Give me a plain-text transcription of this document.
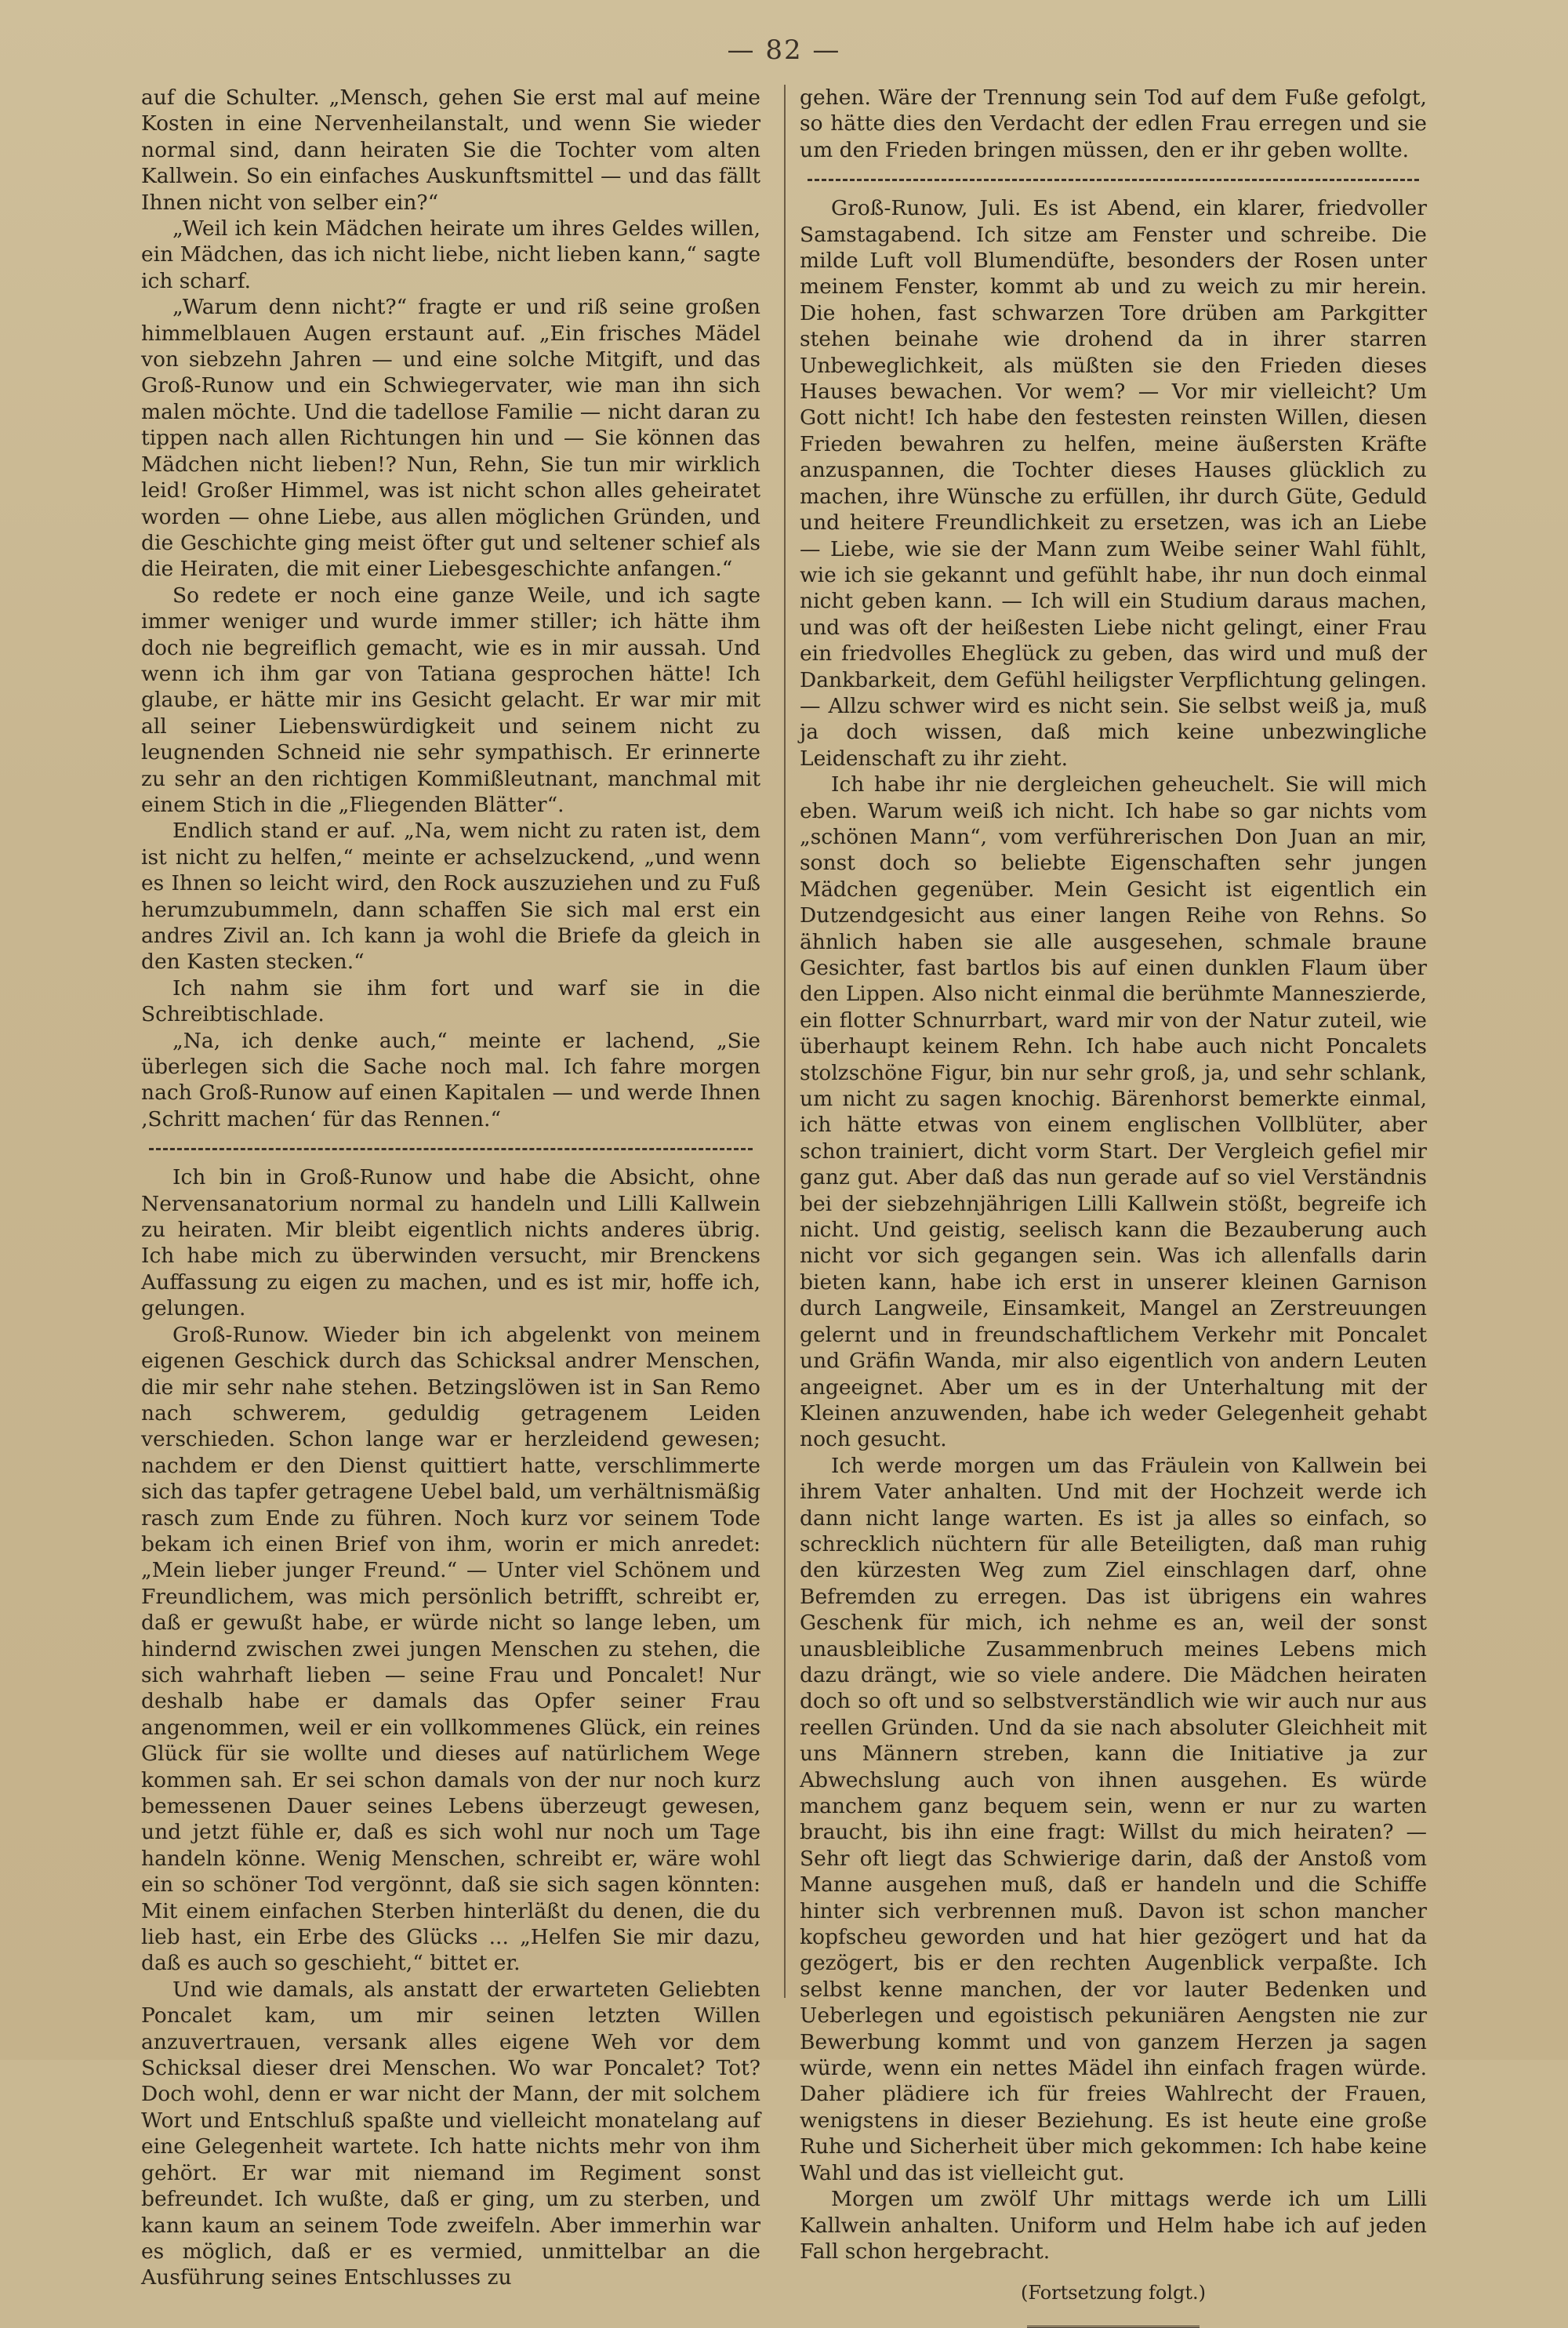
— 82 —

auf die Schulter. „Mensch, gehen Sie erst mal auf meine Kosten in eine Nervenheilanstalt, und wenn Sie wieder normal sind, dann heiraten Sie die Tochter vom alten Kallwein. So ein einfaches Auskunftsmittel — und das fällt Ihnen nicht von selber ein?“

„Weil ich kein Mädchen heirate um ihres Geldes willen, ein Mädchen, das ich nicht liebe, nicht lieben kann,“ sagte ich scharf.

„Warum denn nicht?“ fragte er und riß seine großen himmelblauen Augen erstaunt auf. „Ein frisches Mädel von siebzehn Jahren — und eine solche Mitgift, und das Groß-Runow und ein Schwiegervater, wie man ihn sich malen möchte. Und die tadellose Familie — nicht daran zu tippen nach allen Richtungen hin und — Sie können das Mädchen nicht lieben!? Nun, Rehn, Sie tun mir wirklich leid! Großer Himmel, was ist nicht schon alles geheiratet worden — ohne Liebe, aus allen möglichen Gründen, und die Geschichte ging meist öfter gut und seltener schief als die Heiraten, die mit einer Liebesgeschichte anfangen.“

So redete er noch eine ganze Weile, und ich sagte immer weniger und wurde immer stiller; ich hätte ihm doch nie begreiflich gemacht, wie es in mir aussah. Und wenn ich ihm gar von Tatiana gesprochen hätte! Ich glaube, er hätte mir ins Gesicht gelacht. Er war mir mit all seiner Liebenswürdigkeit und seinem nicht zu leugnenden Schneid nie sehr sympathisch. Er erinnerte zu sehr an den richtigen Kommißleutnant, manchmal mit einem Stich in die „Fliegenden Blätter“.

Endlich stand er auf. „Na, wem nicht zu raten ist, dem ist nicht zu helfen,“ meinte er achselzuckend, „und wenn es Ihnen so leicht wird, den Rock auszuziehen und zu Fuß herumzubummeln, dann schaffen Sie sich mal erst ein andres Zivil an. Ich kann ja wohl die Briefe da gleich in den Kasten stecken.“

Ich nahm sie ihm fort und warf sie in die Schreibtischlade.

„Na, ich denke auch,“ meinte er lachend, „Sie überlegen sich die Sache noch mal. Ich fahre morgen nach Groß-Runow auf einen Kapitalen — und werde Ihnen ‚Schritt machen‘ für das Rennen.“

Ich bin in Groß-Runow und habe die Absicht, ohne Nervensanatorium normal zu handeln und Lilli Kallwein zu heiraten. Mir bleibt eigentlich nichts anderes übrig. Ich habe mich zu überwinden versucht, mir Brenckens Auffassung zu eigen zu machen, und es ist mir, hoffe ich, gelungen.

Groß-Runow. Wieder bin ich abgelenkt von meinem eigenen Geschick durch das Schicksal andrer Menschen, die mir sehr nahe stehen. Betzingslöwen ist in San Remo nach schwerem, geduldig getragenem Leiden verschieden. Schon lange war er herzleidend gewesen; nachdem er den Dienst quittiert hatte, verschlimmerte sich das tapfer getragene Uebel bald, um verhältnismäßig rasch zum Ende zu führen. Noch kurz vor seinem Tode bekam ich einen Brief von ihm, worin er mich anredet: „Mein lieber junger Freund.“ — Unter viel Schönem und Freundlichem, was mich persönlich betrifft, schreibt er, daß er gewußt habe, er würde nicht so lange leben, um hindernd zwischen zwei jungen Menschen zu stehen, die sich wahrhaft lieben — seine Frau und Poncalet! Nur deshalb habe er damals das Opfer seiner Frau angenommen, weil er ein vollkommenes Glück, ein reines Glück für sie wollte und dieses auf natürlichem Wege kommen sah. Er sei schon damals von der nur noch kurz bemessenen Dauer seines Lebens überzeugt gewesen, und jetzt fühle er, daß es sich wohl nur noch um Tage handeln könne. Wenig Menschen, schreibt er, wäre wohl ein so schöner Tod vergönnt, daß sie sich sagen könnten: Mit einem einfachen Sterben hinterläßt du denen, die du lieb hast, ein Erbe des Glücks ... „Helfen Sie mir dazu, daß es auch so geschieht,“ bittet er.

Und wie damals, als anstatt der erwarteten Geliebten Poncalet kam, um mir seinen letzten Willen anzuvertrauen, versank alles eigene Weh vor dem Schicksal dieser drei Menschen. Wo war Poncalet? Tot? Doch wohl, denn er war nicht der Mann, der mit solchem Wort und Entschluß spaßte und vielleicht monatelang auf eine Gelegenheit wartete. Ich hatte nichts mehr von ihm gehört. Er war mit niemand im Regiment sonst befreundet. Ich wußte, daß er ging, um zu sterben, und kann kaum an seinem Tode zweifeln. Aber immerhin war es möglich, daß er es vermied, unmittelbar an die Ausführung seines Entschlusses zu

gehen. Wäre der Trennung sein Tod auf dem Fuße gefolgt, so hätte dies den Verdacht der edlen Frau erregen und sie um den Frieden bringen müssen, den er ihr geben wollte.

Groß-Runow, Juli. Es ist Abend, ein klarer, friedvoller Samstagabend. Ich sitze am Fenster und schreibe. Die milde Luft voll Blumendüfte, besonders der Rosen unter meinem Fenster, kommt ab und zu weich zu mir herein. Die hohen, fast schwarzen Tore drüben am Parkgitter stehen beinahe wie drohend da in ihrer starren Unbeweglichkeit, als müßten sie den Frieden dieses Hauses bewachen. Vor wem? — Vor mir vielleicht? Um Gott nicht! Ich habe den festesten reinsten Willen, diesen Frieden bewahren zu helfen, meine äußersten Kräfte anzuspannen, die Tochter dieses Hauses glücklich zu machen, ihre Wünsche zu erfüllen, ihr durch Güte, Geduld und heitere Freundlichkeit zu ersetzen, was ich an Liebe — Liebe, wie sie der Mann zum Weibe seiner Wahl fühlt, wie ich sie gekannt und gefühlt habe, ihr nun doch einmal nicht geben kann. — Ich will ein Studium daraus machen, und was oft der heißesten Liebe nicht gelingt, einer Frau ein friedvolles Eheglück zu geben, das wird und muß der Dankbarkeit, dem Gefühl heiligster Verpflichtung gelingen. — Allzu schwer wird es nicht sein. Sie selbst weiß ja, muß ja doch wissen, daß mich keine unbezwingliche Leidenschaft zu ihr zieht.

Ich habe ihr nie dergleichen geheuchelt. Sie will mich eben. Warum weiß ich nicht. Ich habe so gar nichts vom „schönen Mann“, vom verführerischen Don Juan an mir, sonst doch so beliebte Eigenschaften sehr jungen Mädchen gegenüber. Mein Gesicht ist eigentlich ein Dutzendgesicht aus einer langen Reihe von Rehns. So ähnlich haben sie alle ausgesehen, schmale braune Gesichter, fast bartlos bis auf einen dunklen Flaum über den Lippen. Also nicht einmal die berühmte Manneszierde, ein flotter Schnurrbart, ward mir von der Natur zuteil, wie überhaupt keinem Rehn. Ich habe auch nicht Poncalets stolzschöne Figur, bin nur sehr groß, ja, und sehr schlank, um nicht zu sagen knochig. Bärenhorst bemerkte einmal, ich hätte etwas von einem englischen Vollblüter, aber schon trainiert, dicht vorm Start. Der Vergleich gefiel mir ganz gut. Aber daß das nun gerade auf so viel Verständnis bei der siebzehnjährigen Lilli Kallwein stößt, begreife ich nicht. Und geistig, seelisch kann die Bezauberung auch nicht vor sich gegangen sein. Was ich allenfalls darin bieten kann, habe ich erst in unserer kleinen Garnison durch Langweile, Einsamkeit, Mangel an Zerstreuungen gelernt und in freundschaftlichem Verkehr mit Poncalet und Gräfin Wanda, mir also eigentlich von andern Leuten angeeignet. Aber um es in der Unterhaltung mit der Kleinen anzuwenden, habe ich weder Gelegenheit gehabt noch gesucht.

Ich werde morgen um das Fräulein von Kallwein bei ihrem Vater anhalten. Und mit der Hochzeit werde ich dann nicht lange warten. Es ist ja alles so einfach, so schrecklich nüchtern für alle Beteiligten, daß man ruhig den kürzesten Weg zum Ziel einschlagen darf, ohne Befremden zu erregen. Das ist übrigens ein wahres Geschenk für mich, ich nehme es an, weil der sonst unausbleibliche Zusammenbruch meines Lebens mich dazu drängt, wie so viele andere. Die Mädchen heiraten doch so oft und so selbstverständlich wie wir auch nur aus reellen Gründen. Und da sie nach absoluter Gleichheit mit uns Männern streben, kann die Initiative ja zur Abwechslung auch von ihnen ausgehen. Es würde manchem ganz bequem sein, wenn er nur zu warten braucht, bis ihn eine fragt: Willst du mich heiraten? — Sehr oft liegt das Schwierige darin, daß der Anstoß vom Manne ausgehen muß, daß er handeln und die Schiffe hinter sich verbrennen muß. Davon ist schon mancher kopfscheu geworden und hat hier gezögert und hat da gezögert, bis er den rechten Augenblick verpaßte. Ich selbst kenne manchen, der vor lauter Bedenken und Ueberlegen und egoistisch pekuniären Aengsten nie zur Bewerbung kommt und von ganzem Herzen ja sagen würde, wenn ein nettes Mädel ihn einfach fragen würde. Daher plädiere ich für freies Wahlrecht der Frauen, wenigstens in dieser Beziehung. Es ist heute eine große Ruhe und Sicherheit über mich gekommen: Ich habe keine Wahl und das ist vielleicht gut.

Morgen um zwölf Uhr mittags werde ich um Lilli Kallwein anhalten. Uniform und Helm habe ich auf jeden Fall schon hergebracht.

(Fortsetzung folgt.)
